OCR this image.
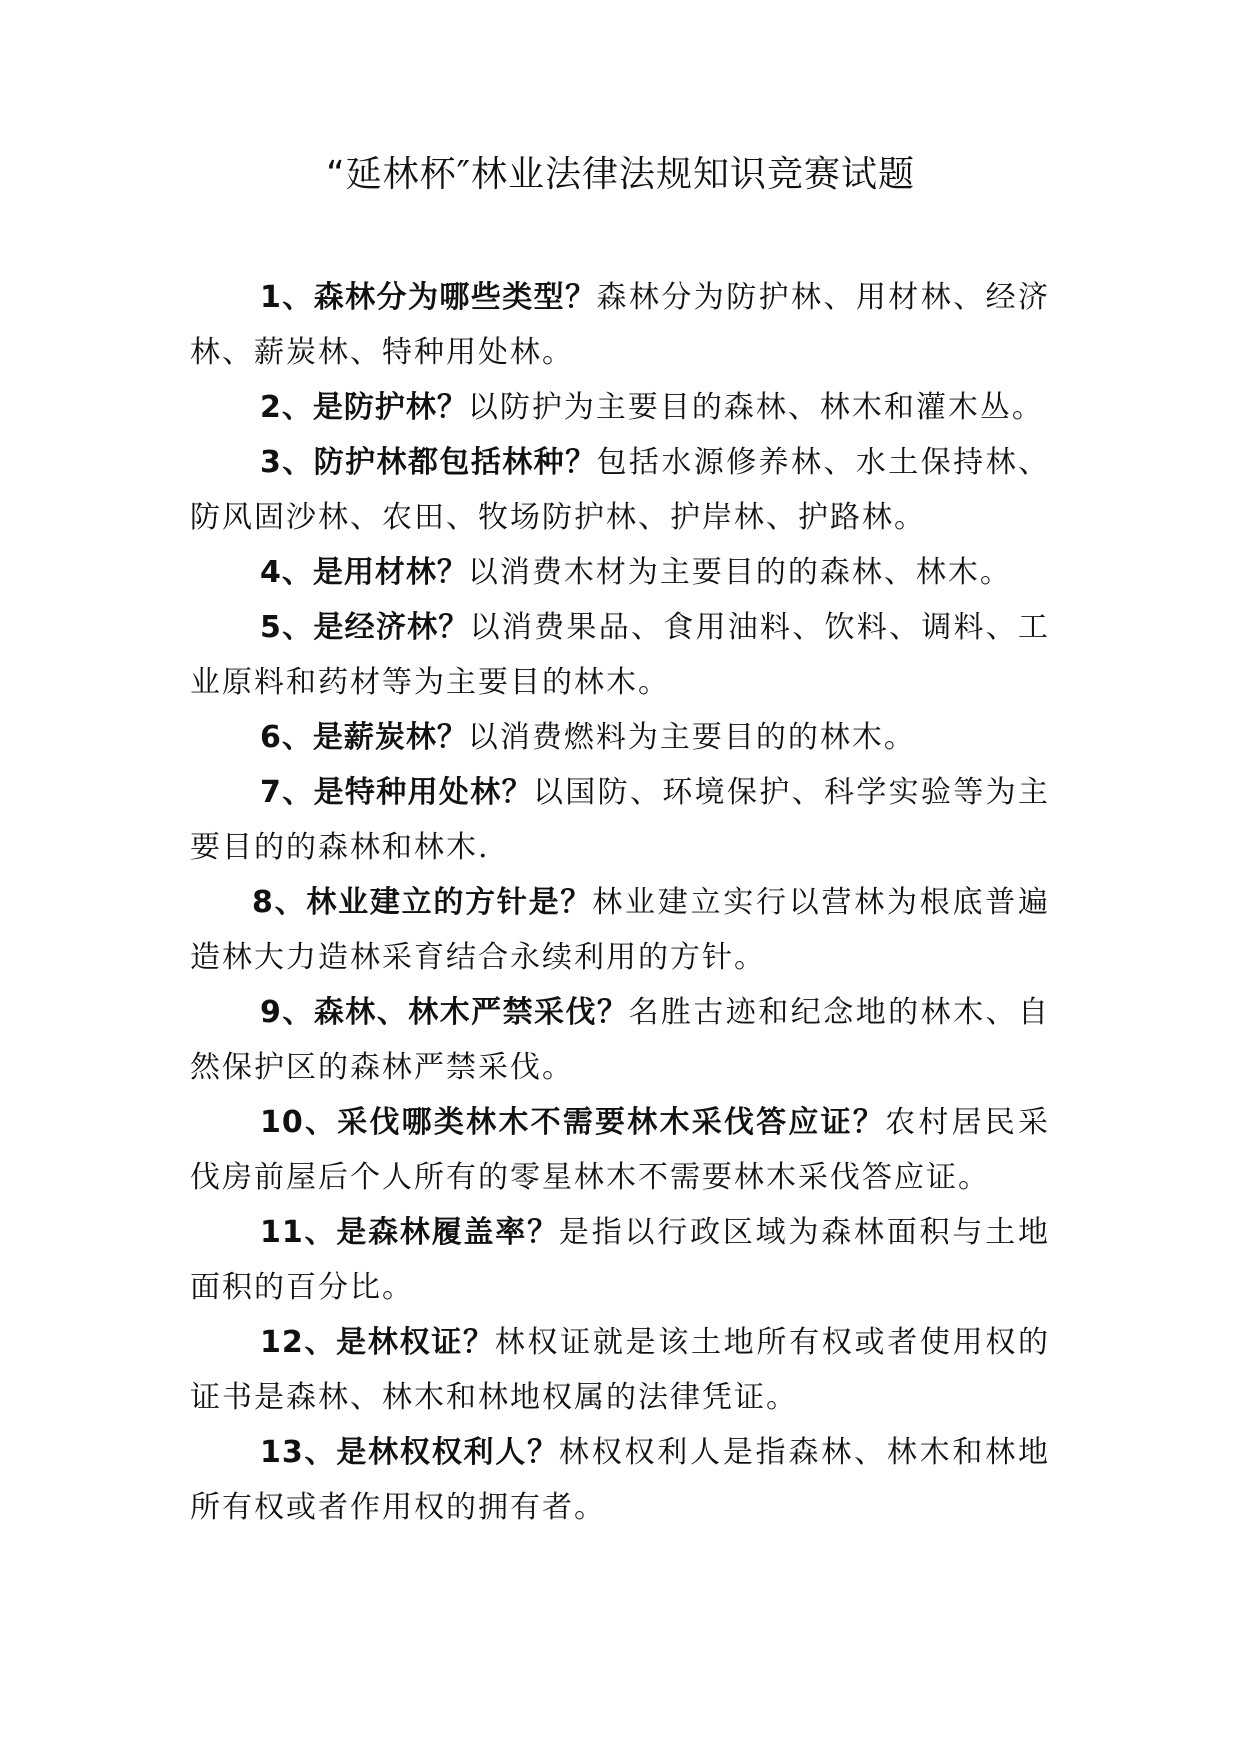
“延林杯″林业法律法规知识竞赛试题

1、森林分为哪些类型？森林分为防护林、用材林、经济林、薪炭林、特种用处林。

2、是防护林？以防护为主要目的森林、林木和灌木丛。

3、防护林都包括林种？包括水源修养林、水土保持林、防风固沙林、农田、牧场防护林、护岸林、护路林。

4、是用材林？以消费木材为主要目的的森林、林木。

5、是经济林？以消费果品、食用油料、饮料、调料、工业原料和药材等为主要目的林木。

6、是薪炭林？以消费燃料为主要目的的林木。

7、是特种用处林？以国防、环境保护、科学实验等为主要目的的森林和林木.

8、林业建立的方针是？林业建立实行以营林为根底普遍造林大力造林采育结合永续利用的方针。

9、森林、林木严禁采伐？名胜古迹和纪念地的林木、自然保护区的森林严禁采伐。

10、采伐哪类林木不需要林木采伐答应证？农村居民采伐房前屋后个人所有的零星林木不需要林木采伐答应证。

11、是森林履盖率？是指以行政区域为森林面积与土地面积的百分比。

12、是林权证？林权证就是该土地所有权或者使用权的证书是森林、林木和林地权属的法律凭证。

13、是林权权利人？林权权利人是指森林、林木和林地所有权或者作用权的拥有者。
